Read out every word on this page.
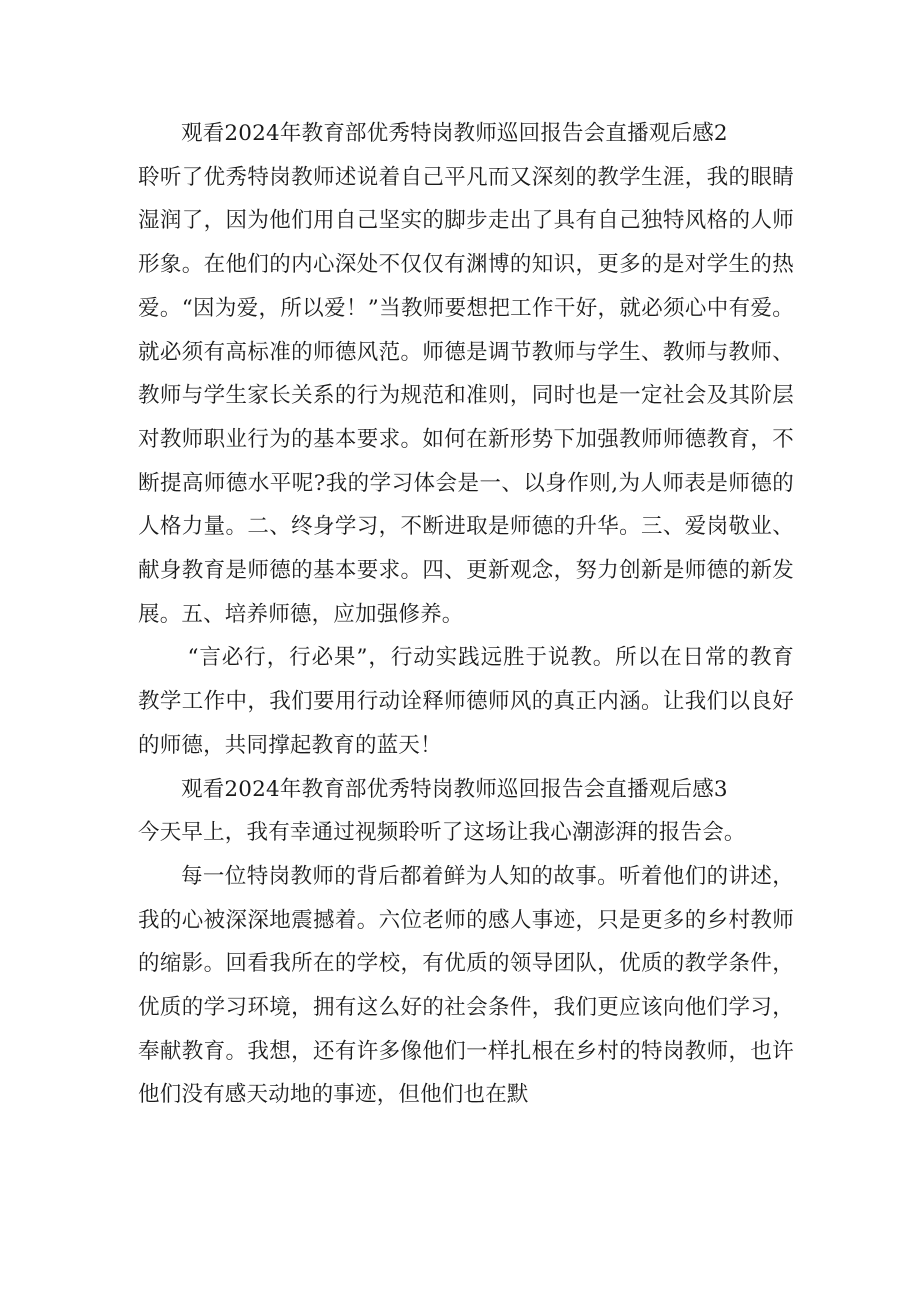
观看2024年教育部优秀特岗教师巡回报告会直播观后感2

聆听了优秀特岗教师述说着自己平凡而又深刻的教学生涯，我的眼睛湿润了，因为他们用自己坚实的脚步走出了具有自己独特风格的人师形象。在他们的内心深处不仅仅有渊博的知识，更多的是对学生的热爱。“因为爱，所以爱！”当教师要想把工作干好，就必须心中有爱。就必须有高标准的师德风范。师德是调节教师与学生、教师与教师、教师与学生家长关系的行为规范和准则，同时也是一定社会及其阶层对教师职业行为的基本要求。如何在新形势下加强教师师德教育，不断提高师德水平呢?我的学习体会是一、以身作则,为人师表是师德的人格力量。二、终身学习，不断进取是师德的升华。三、爱岗敬业、献身教育是师德的基本要求。四、更新观念，努力创新是师德的新发展。五、培养师德，应加强修养。

“言必行，行必果”，行动实践远胜于说教。所以在日常的教育教学工作中，我们要用行动诠释师德师风的真正内涵。让我们以良好的师德，共同撑起教育的蓝天！

观看2024年教育部优秀特岗教师巡回报告会直播观后感3

今天早上，我有幸通过视频聆听了这场让我心潮澎湃的报告会。

每一位特岗教师的背后都着鲜为人知的故事。听着他们的讲述，我的心被深深地震撼着。六位老师的感人事迹，只是更多的乡村教师的缩影。回看我所在的学校，有优质的领导团队，优质的教学条件，优质的学习环境，拥有这么好的社会条件，我们更应该向他们学习，奉献教育。我想，还有许多像他们一样扎根在乡村的特岗教师，也许他们没有感天动地的事迹，但他们也在默
